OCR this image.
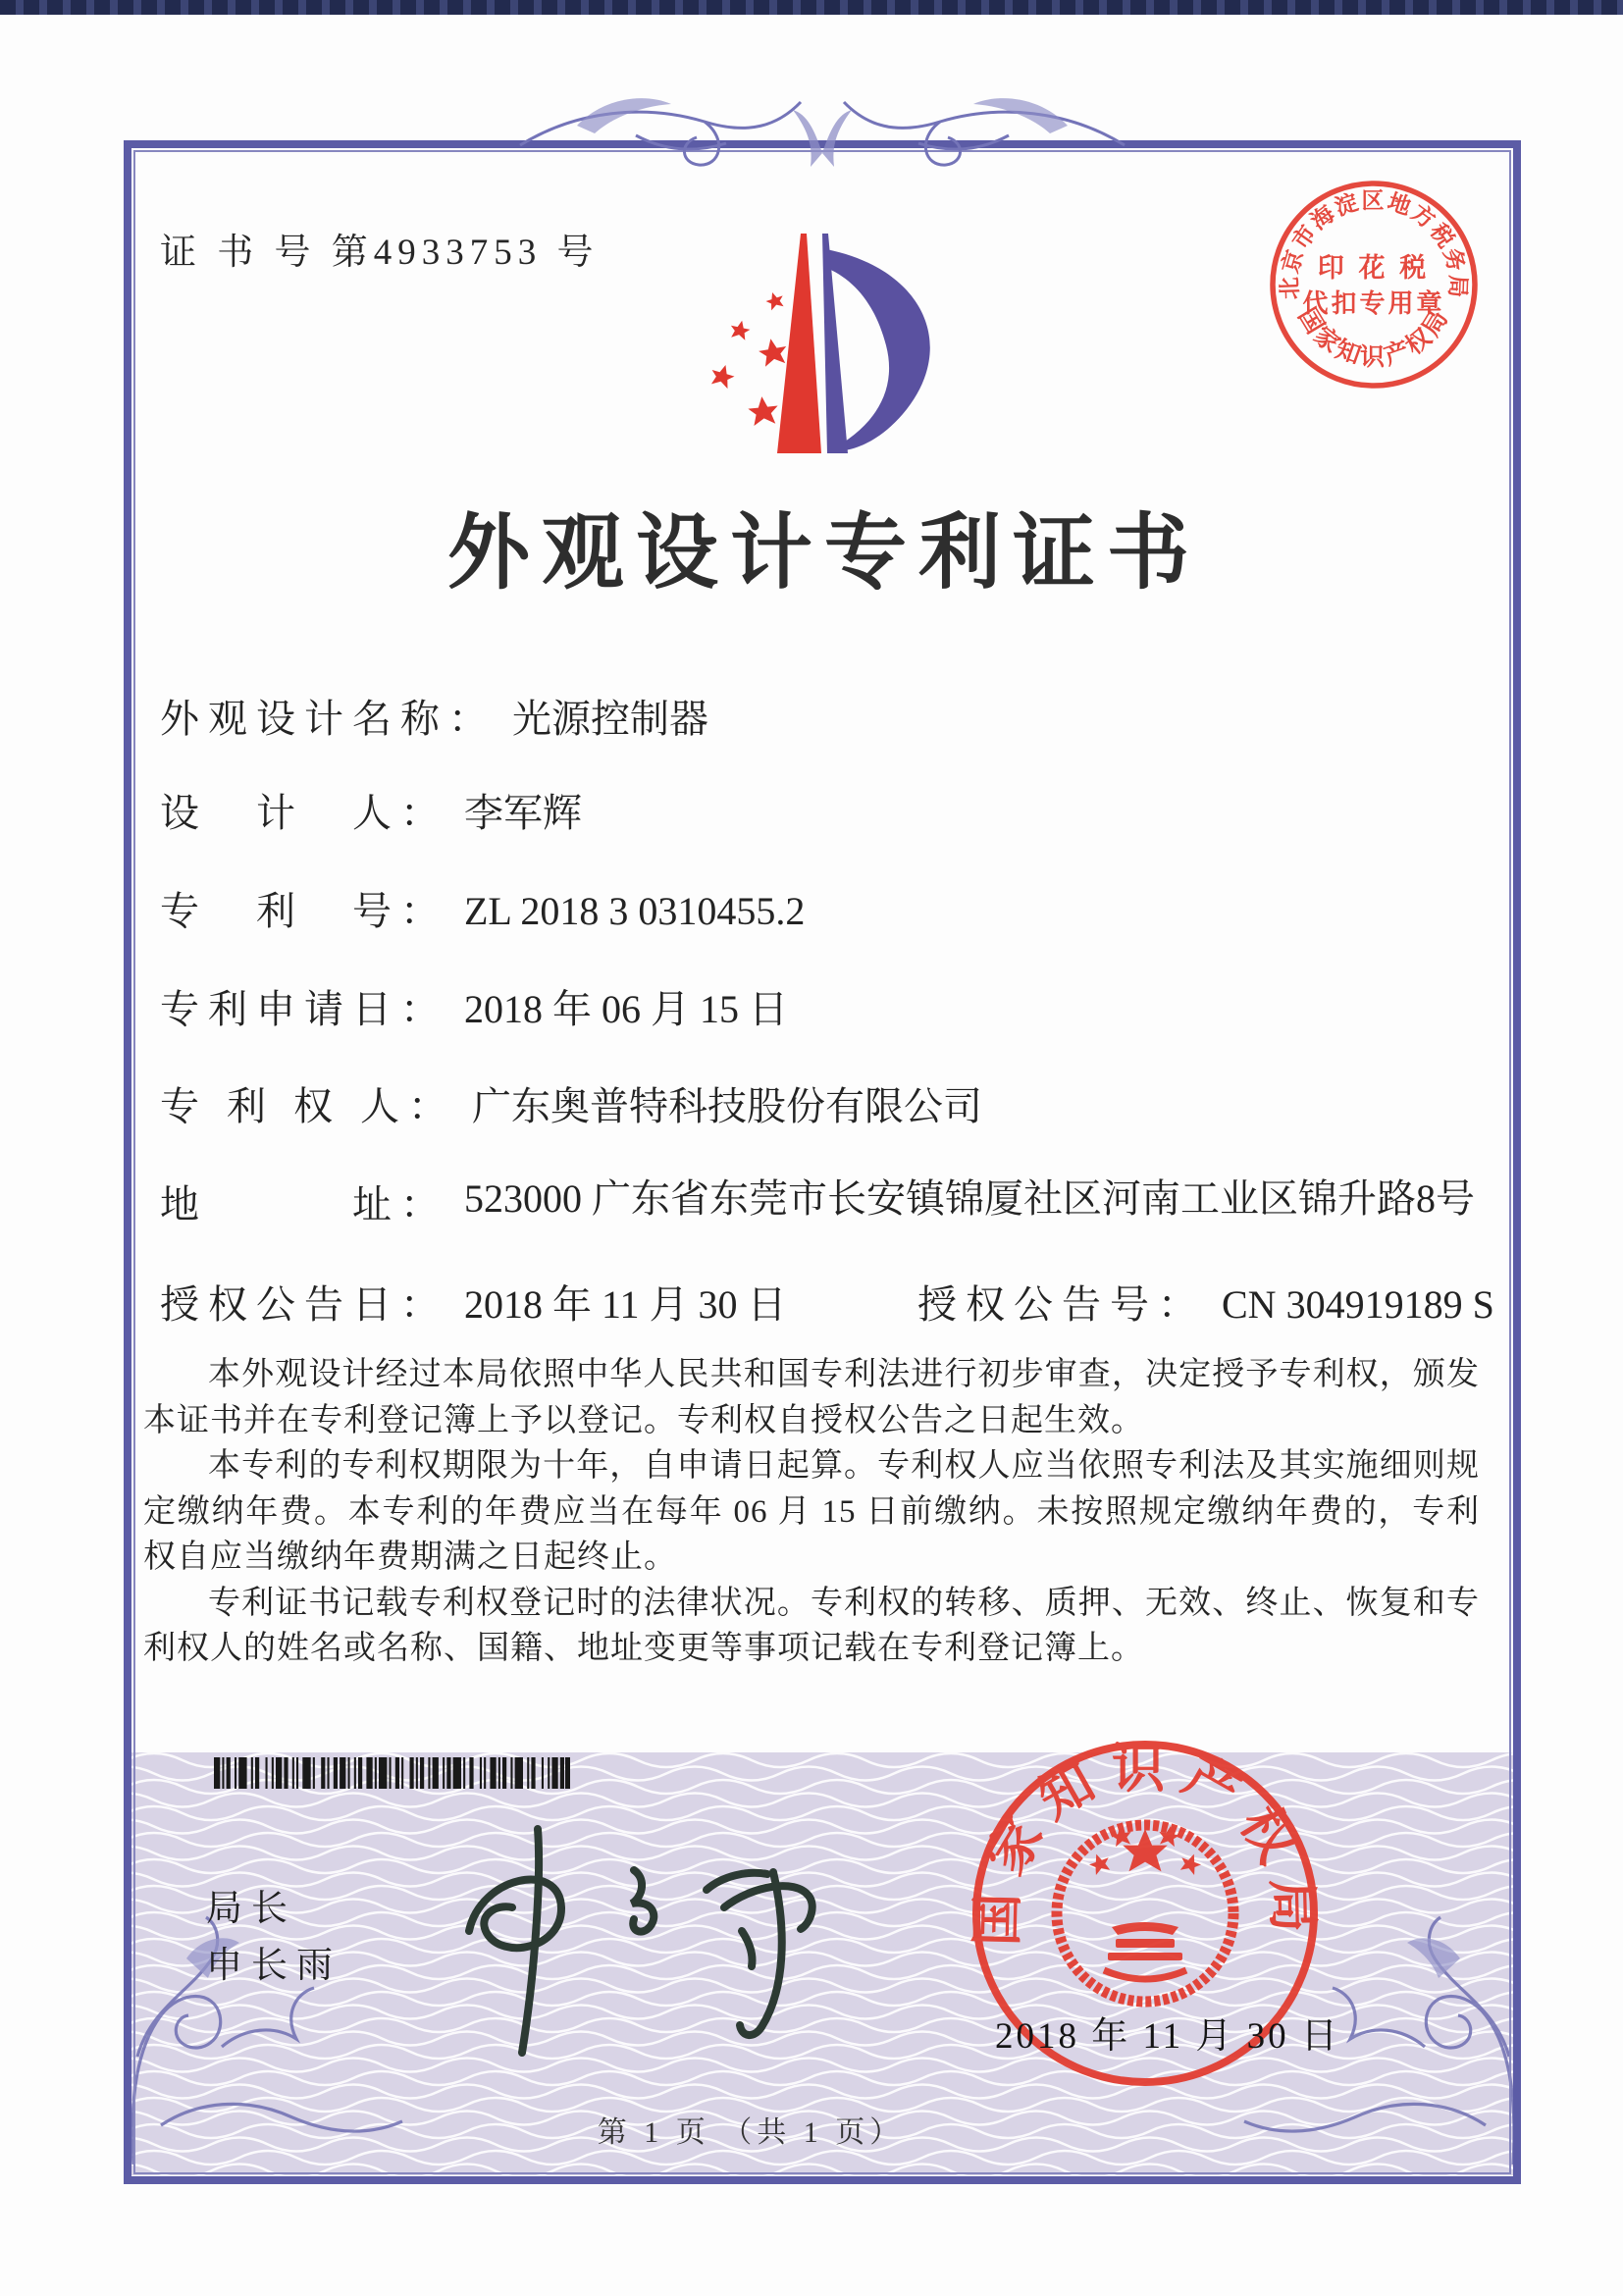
证 书 号 第4933753 号
北京市海淀区地方税务局
印 花 税
代扣专用章
国家知识产权局
外观设计专利证书
外观设计名称： 光源控制器
设　计　人： 李军辉
专　利　号： ZL 2018 3 0310455.2
专利申请日： 2018 年 06 月 15 日
专 利 权 人： 广东奥普特科技股份有限公司
地　　　址： 523000 广东省东莞市长安镇锦厦社区河南工业区锦升路8号
授权公告日： 2018 年 11 月 30 日	授权公告号： CN 304919189 S

本外观设计经过本局依照中华人民共和国专利法进行初步审查，决定授予专利权，颁发本证书并在专利登记簿上予以登记。专利权自授权公告之日起生效。

本专利的专利权期限为十年，自申请日起算。专利权人应当依照专利法及其实施细则规定缴纳年费。本专利的年费应当在每年 06 月 15 日前缴纳。未按照规定缴纳年费的，专利权自应当缴纳年费期满之日起终止。

专利证书记载专利权登记时的法律状况。专利权的转移、质押、无效、终止、恢复和专利权人的姓名或名称、国籍、地址变更等事项记载在专利登记簿上。

局长
申长雨
国家知识产权局
2018 年 11 月 30 日
第 1 页 （共 1 页）
